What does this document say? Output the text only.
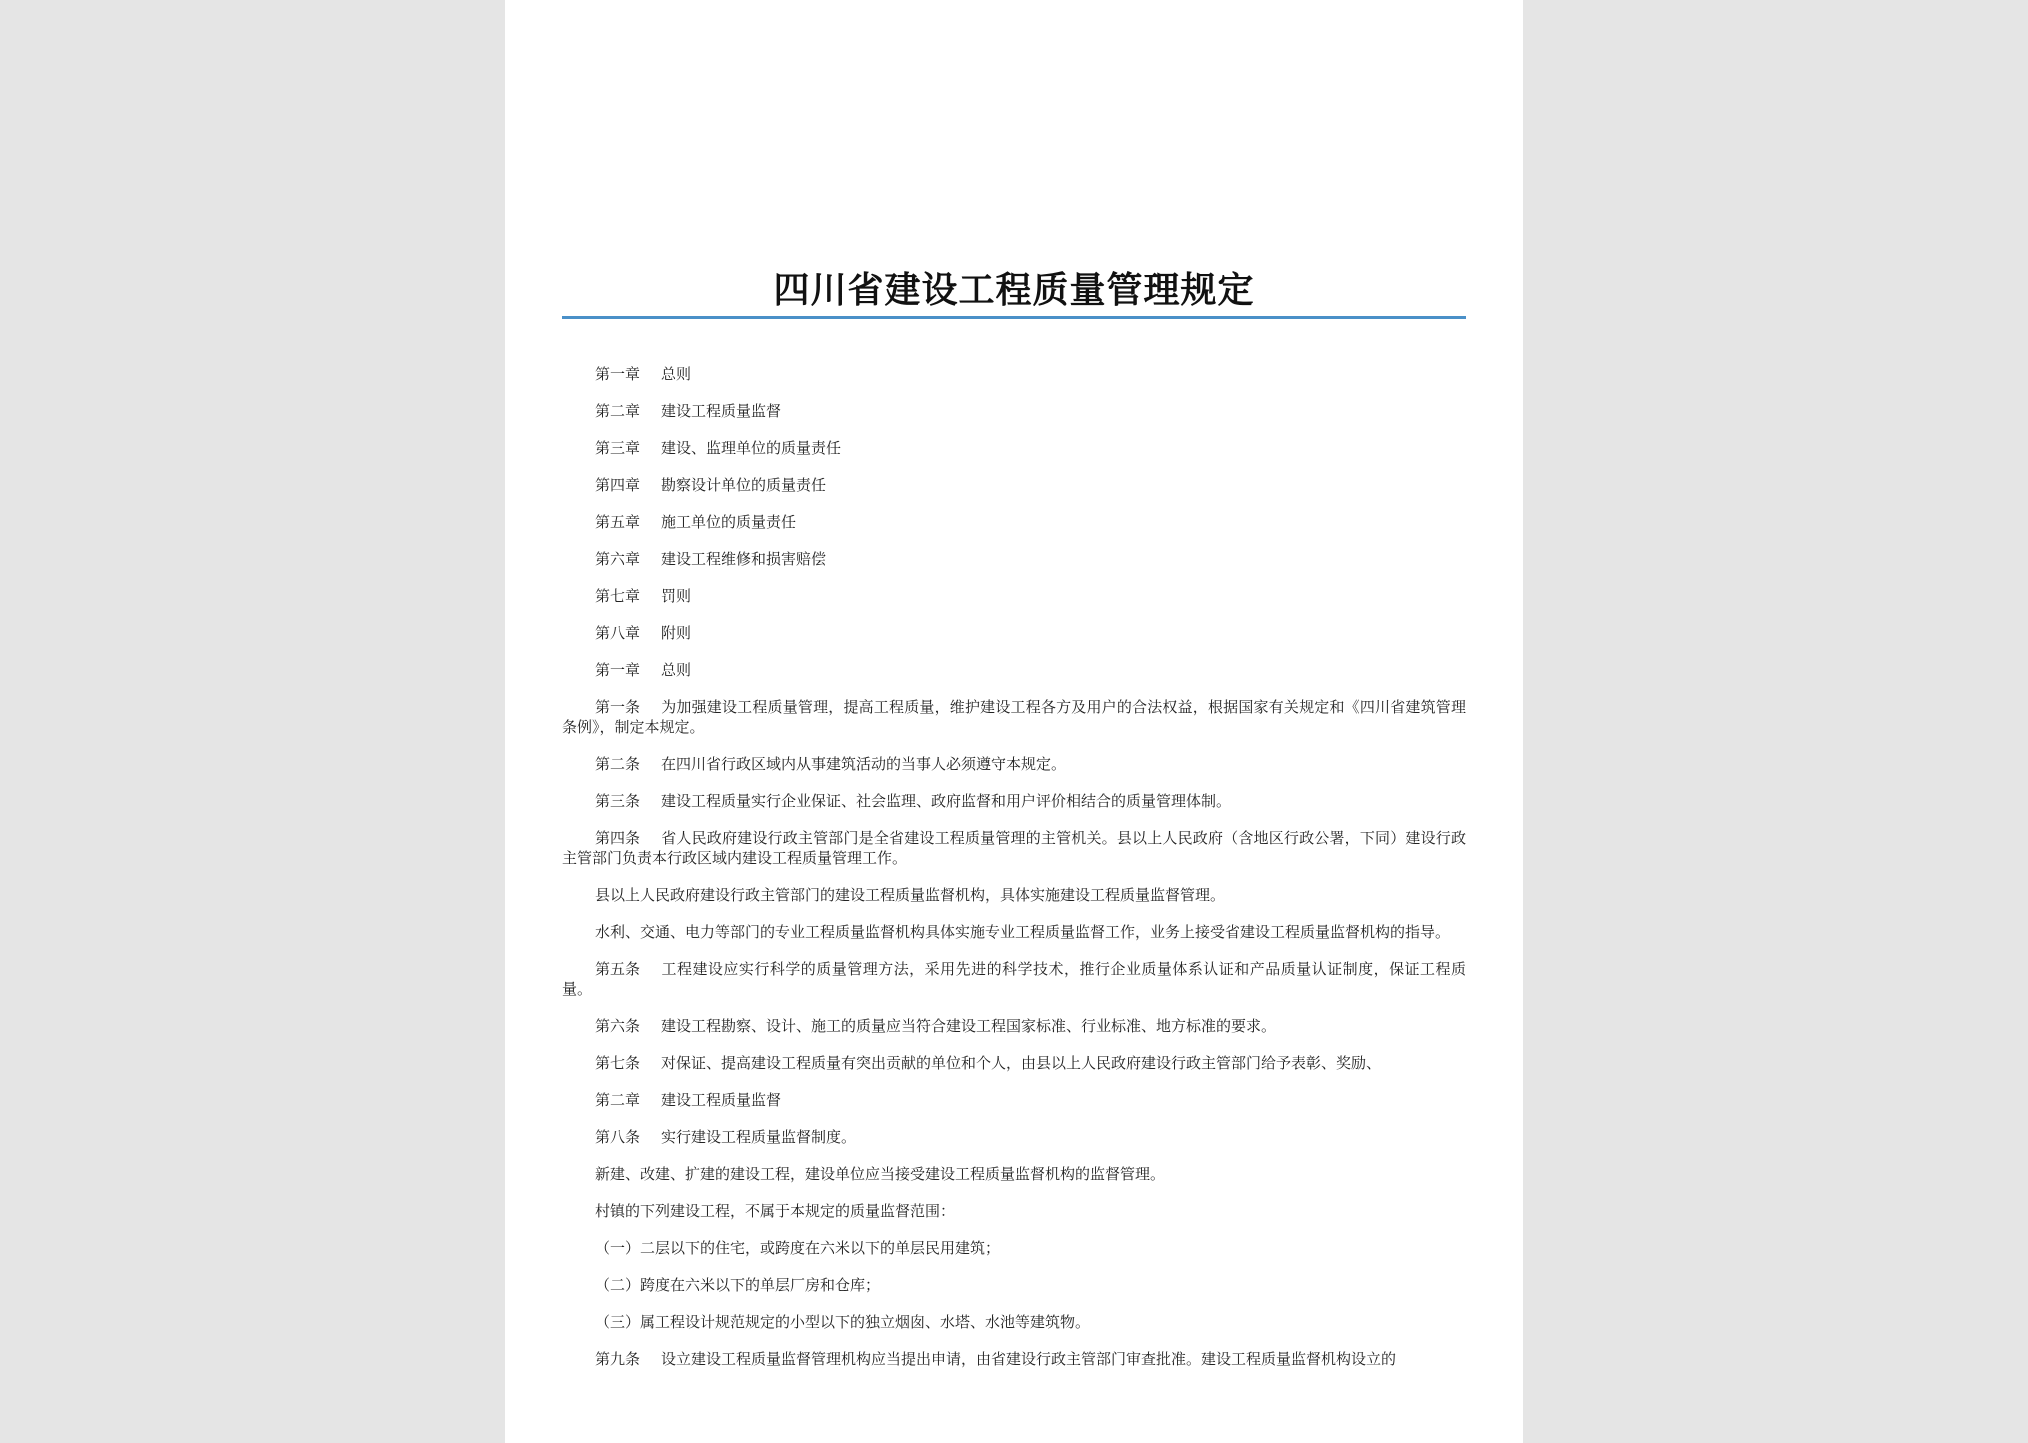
四川省建设工程质量管理规定

第一章 总则

第二章 建设工程质量监督

第三章 建设、监理单位的质量责任

第四章 勘察设计单位的质量责任

第五章 施工单位的质量责任

第六章 建设工程维修和损害赔偿

第七章 罚则

第八章 附则

第一章 总则

第一条 为加强建设工程质量管理，提高工程质量，维护建设工程各方及用户的合法权益，根据国家有关规定和《四川省建筑管理条例》，制定本规定。

第二条 在四川省行政区域内从事建筑活动的当事人必须遵守本规定。

第三条 建设工程质量实行企业保证、社会监理、政府监督和用户评价相结合的质量管理体制。

第四条 省人民政府建设行政主管部门是全省建设工程质量管理的主管机关。县以上人民政府（含地区行政公署，下同）建设行政主管部门负责本行政区域内建设工程质量管理工作。

县以上人民政府建设行政主管部门的建设工程质量监督机构，具体实施建设工程质量监督管理。

水利、交通、电力等部门的专业工程质量监督机构具体实施专业工程质量监督工作，业务上接受省建设工程质量监督机构的指导。

第五条 工程建设应实行科学的质量管理方法，采用先进的科学技术，推行企业质量体系认证和产品质量认证制度，保证工程质量。

第六条 建设工程勘察、设计、施工的质量应当符合建设工程国家标准、行业标准、地方标准的要求。

第七条 对保证、提高建设工程质量有突出贡献的单位和个人，由县以上人民政府建设行政主管部门给予表彰、奖励、

第二章 建设工程质量监督

第八条 实行建设工程质量监督制度。

新建、改建、扩建的建设工程，建设单位应当接受建设工程质量监督机构的监督管理。

村镇的下列建设工程，不属于本规定的质量监督范围：

（一）二层以下的住宅，或跨度在六米以下的单层民用建筑；

（二）跨度在六米以下的单层厂房和仓库；

（三）属工程设计规范规定的小型以下的独立烟囱、水塔、水池等建筑物。

第九条 设立建设工程质量监督管理机构应当提出申请，由省建设行政主管部门审查批准。建设工程质量监督机构设立的
